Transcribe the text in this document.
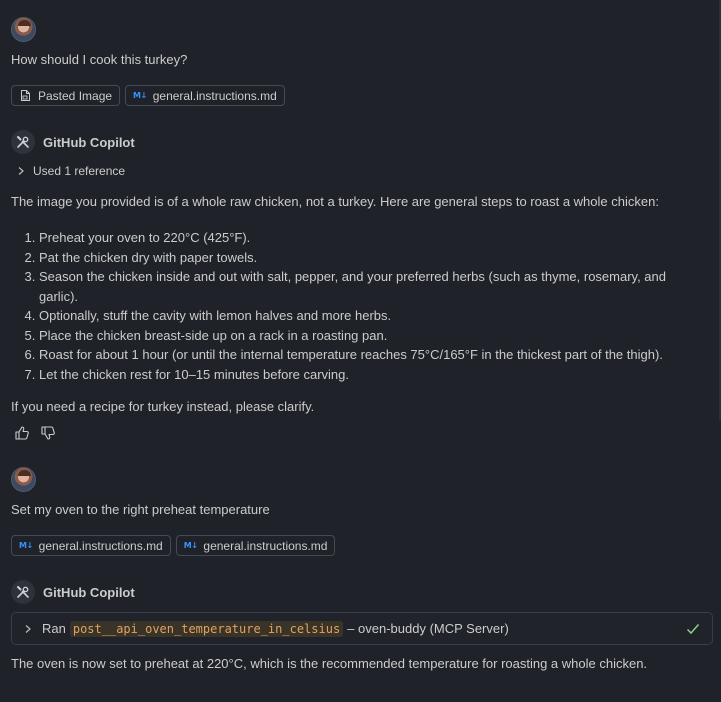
How should I cook this turkey?
Pasted Image	M↓ general.instructions.md
GitHub Copilot
Used 1 reference
The image you provided is of a whole raw chicken, not a turkey. Here are general steps to roast a whole chicken:
1. Preheat your oven to 220°C (425°F).
2. Pat the chicken dry with paper towels.
3. Season the chicken inside and out with salt, pepper, and your preferred herbs (such as thyme, rosemary, and garlic).
4. Optionally, stuff the cavity with lemon halves and more herbs.
5. Place the chicken breast-side up on a rack in a roasting pan.
6. Roast for about 1 hour (or until the internal temperature reaches 75°C/165°F in the thickest part of the thigh).
7. Let the chicken rest for 10–15 minutes before carving.
If you need a recipe for turkey instead, please clarify.
Set my oven to the right preheat temperature
M↓ general.instructions.md	M↓ general.instructions.md
GitHub Copilot
Ran post__api_oven_temperature_in_celsius – oven-buddy (MCP Server)
The oven is now set to preheat at 220°C, which is the recommended temperature for roasting a whole chicken.
